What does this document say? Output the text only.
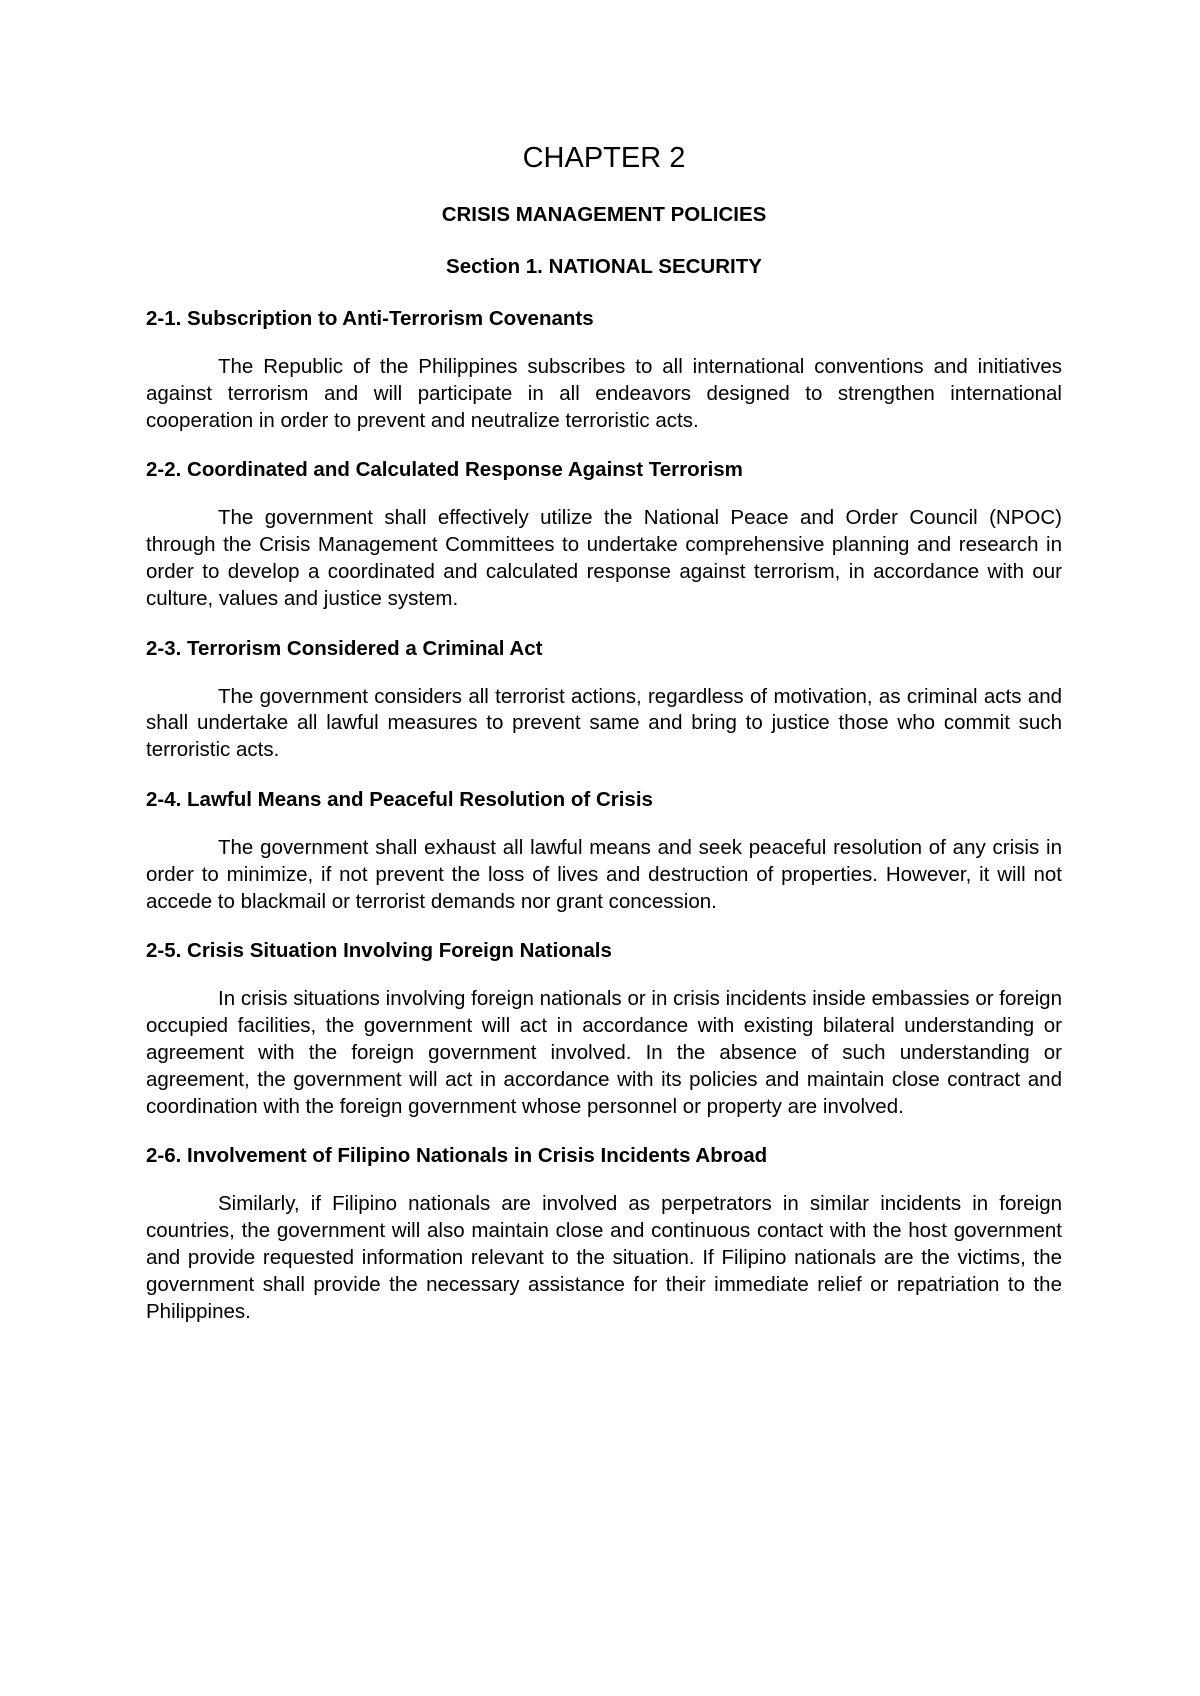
CHAPTER 2
CRISIS MANAGEMENT POLICIES
Section 1. NATIONAL SECURITY
2-1. Subscription to Anti-Terrorism Covenants

The Republic of the Philippines subscribes to all international conventions and initiatives against terrorism and will participate in all endeavors designed to strengthen international cooperation in order to prevent and neutralize terroristic acts.

2-2. Coordinated and Calculated Response Against Terrorism

The government shall effectively utilize the National Peace and Order Council (NPOC) through the Crisis Management Committees to undertake comprehensive planning and research in order to develop a coordinated and calculated response against terrorism, in accordance with our culture, values and justice system.

2-3. Terrorism Considered a Criminal Act

The government considers all terrorist actions, regardless of motivation, as criminal acts and shall undertake all lawful measures to prevent same and bring to justice those who commit such terroristic acts.

2-4. Lawful Means and Peaceful Resolution of Crisis

The government shall exhaust all lawful means and seek peaceful resolution of any crisis in order to minimize, if not prevent the loss of lives and destruction of properties. However, it will not accede to blackmail or terrorist demands nor grant concession.

2-5. Crisis Situation Involving Foreign Nationals

In crisis situations involving foreign nationals or in crisis incidents inside embassies or foreign occupied facilities, the government will act in accordance with existing bilateral understanding or agreement with the foreign government involved. In the absence of such understanding or agreement, the government will act in accordance with its policies and maintain close contract and coordination with the foreign government whose personnel or property are involved.

2-6. Involvement of Filipino Nationals in Crisis Incidents Abroad

Similarly, if Filipino nationals are involved as perpetrators in similar incidents in foreign countries, the government will also maintain close and continuous contact with the host government and provide requested information relevant to the situation. If Filipino nationals are the victims, the government shall provide the necessary assistance for their immediate relief or repatriation to the Philippines.
